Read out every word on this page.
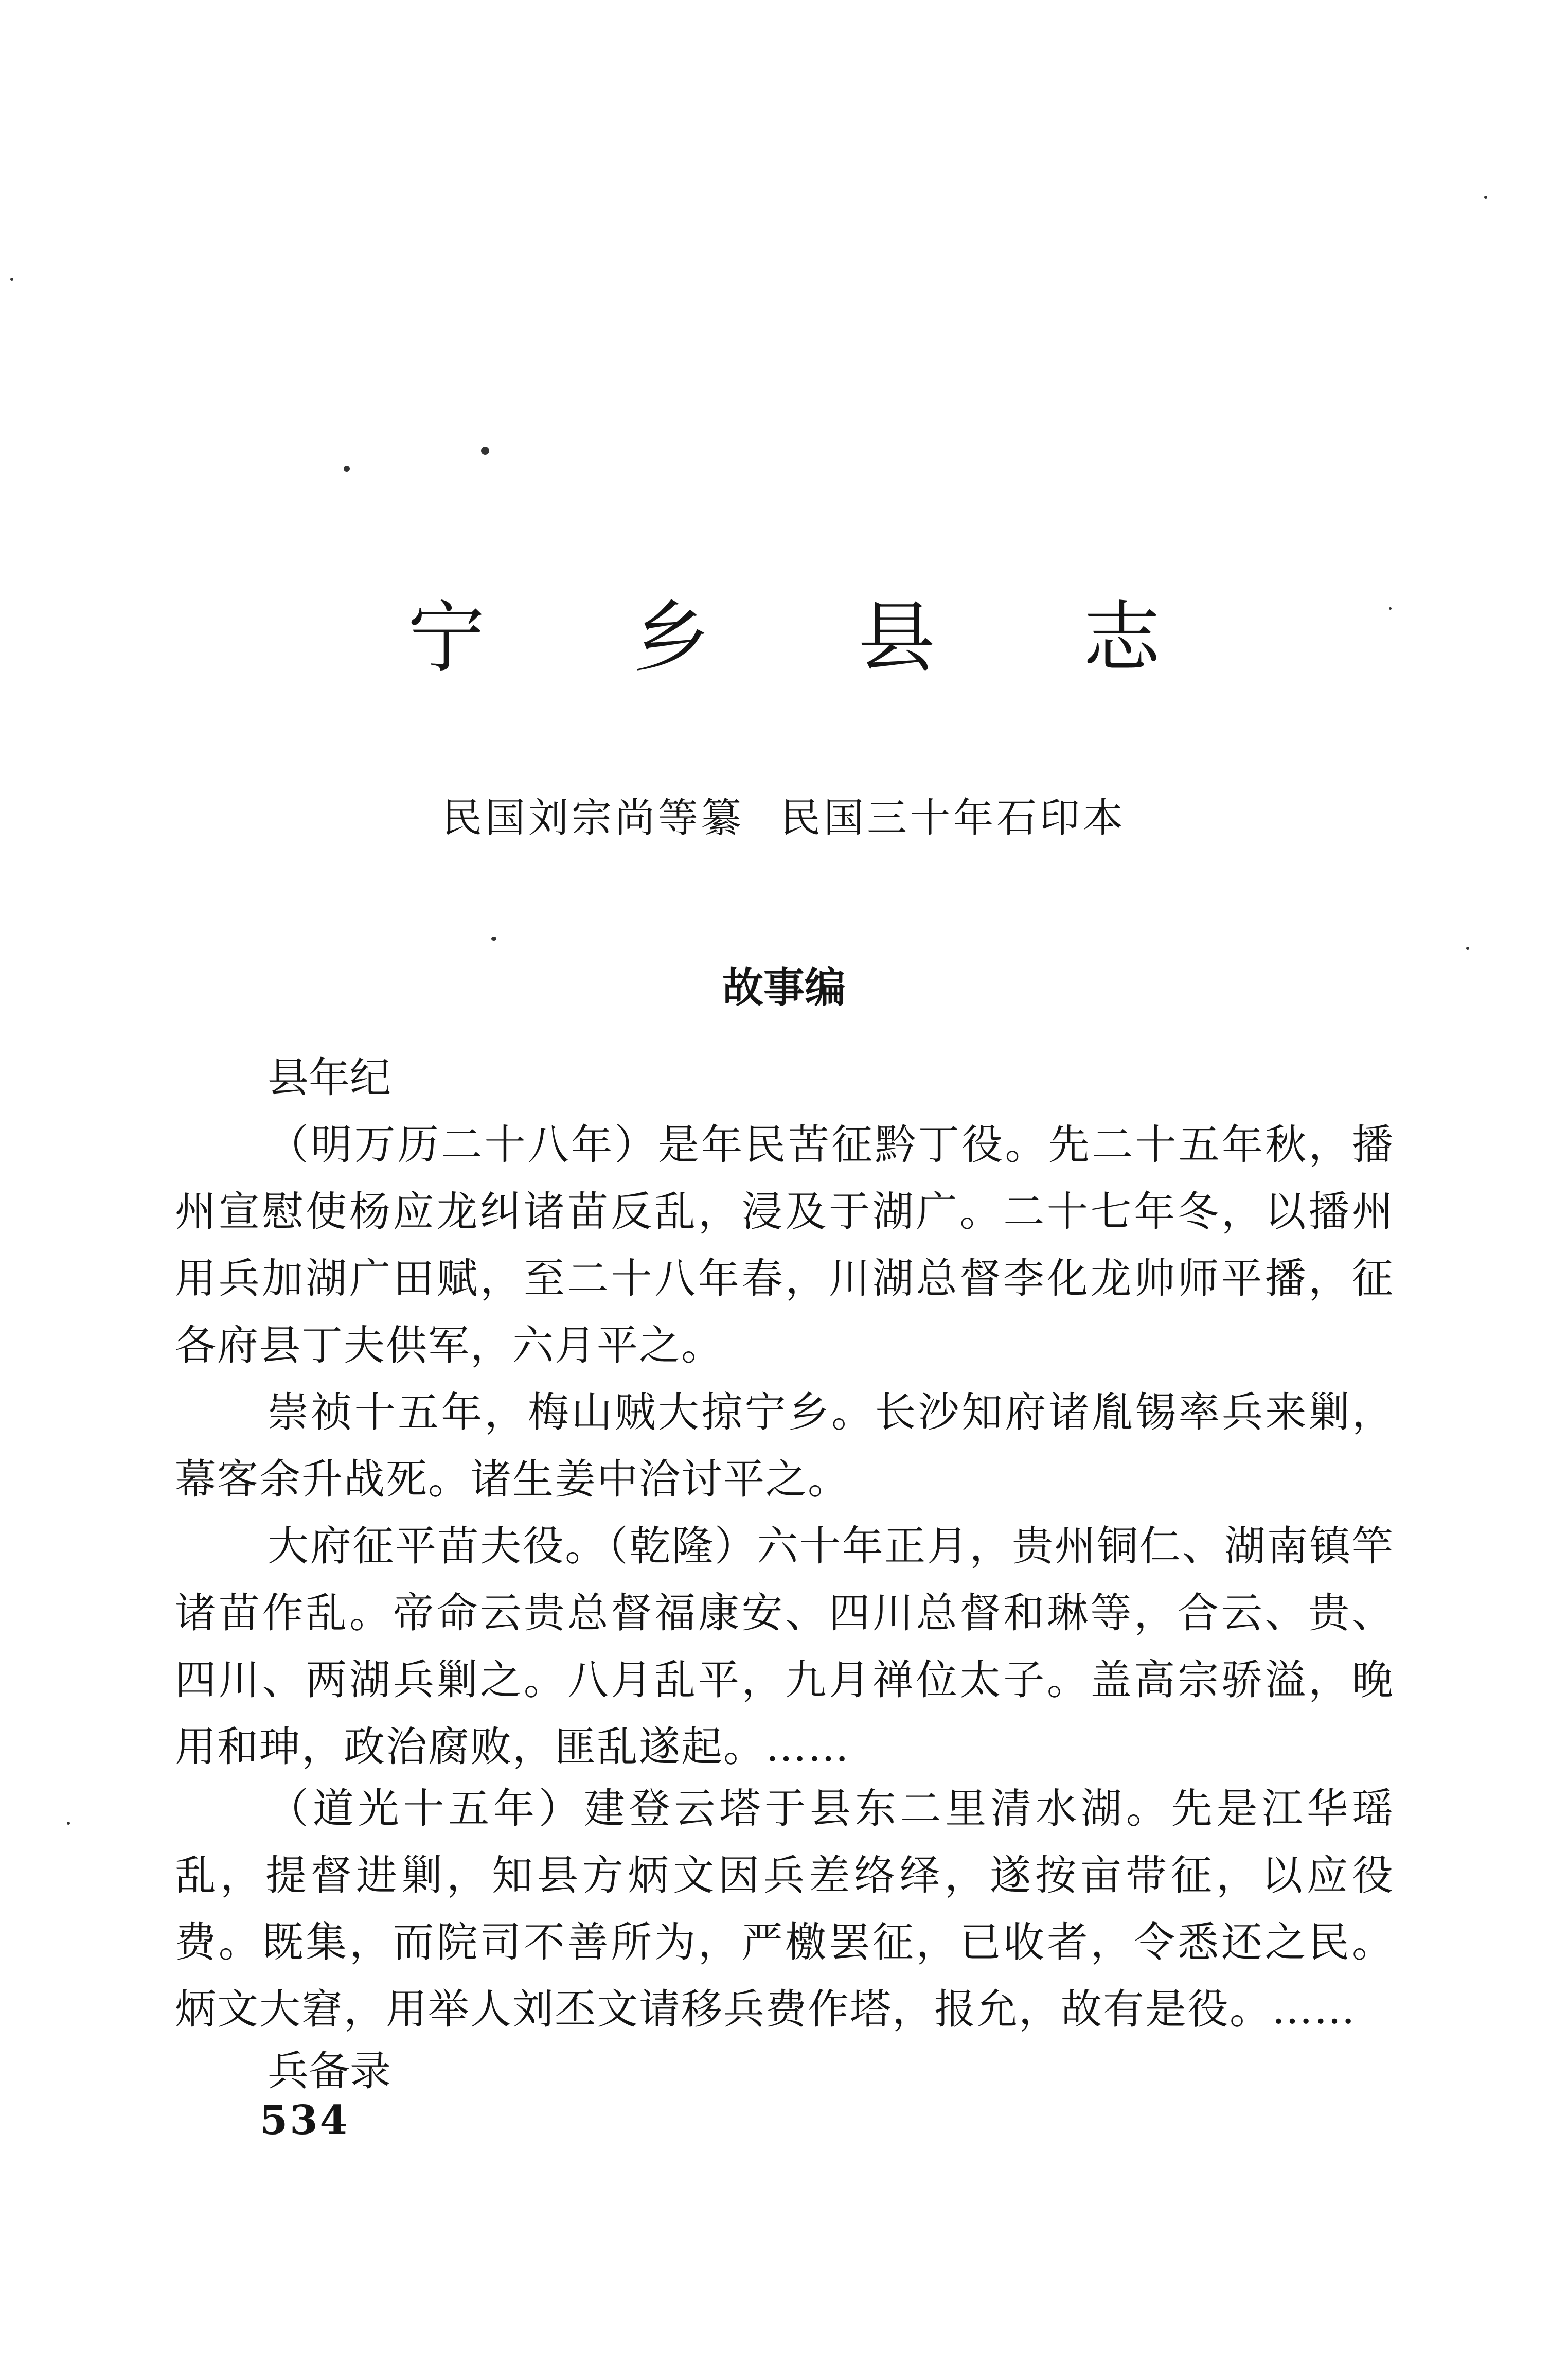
宁 乡 县 志
民国刘宗尚等纂 民国三十年石印本
故事编
县年纪

（明万历二十八年）是年民苦征黔丁役。先二十五年秋，播州宣慰使杨应龙纠诸苗反乱，浸及于湖广。二十七年冬，以播州用兵加湖广田赋，至二十八年春，川湖总督李化龙帅师平播，征各府县丁夫供军，六月平之。

崇祯十五年，梅山贼大掠宁乡。长沙知府诸胤锡率兵来剿，幕客余升战死。诸生姜中洽讨平之。

大府征平苗夫役。（乾隆）六十年正月，贵州铜仁、湖南镇竿诸苗作乱。帝命云贵总督福康安、四川总督和琳等，合云、贵、四川、两湖兵剿之。八月乱平，九月禅位太子。盖高宗骄溢，晚用和珅，政治腐败，匪乱遂起。……

（道光十五年）建登云塔于县东二里清水湖。先是江华瑶乱，提督进剿，知县方炳文因兵差络绎，遂按亩带征，以应役费。既集，而院司不善所为，严檄罢征，已收者，令悉还之民。炳文大窘，用举人刘丕文请移兵费作塔，报允，故有是役。……

兵备录
534
